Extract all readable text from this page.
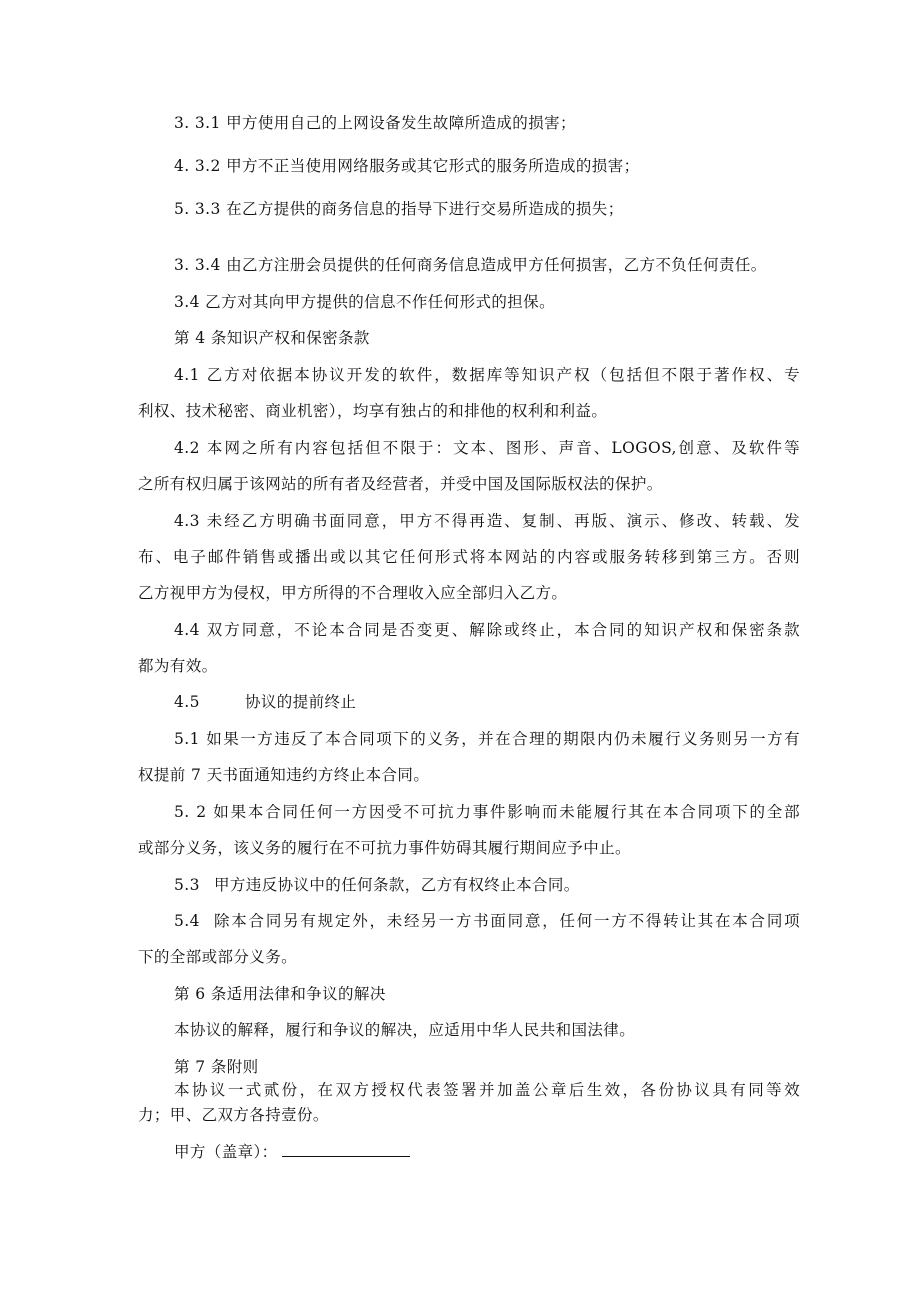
3. 3.1 甲方使用自己的上网设备发生故障所造成的损害；
4. 3.2 甲方不正当使用网络服务或其它形式的服务所造成的损害；
5. 3.3 在乙方提供的商务信息的指导下进行交易所造成的损失；
3. 3.4 由乙方注册会员提供的任何商务信息造成甲方任何损害，乙方不负任何责任。
3.4 乙方对其向甲方提供的信息不作任何形式的担保。
第 4 条知识产权和保密条款
4.1 乙方对依据本协议开发的软件，数据库等知识产权（包括但不限于著作权、专
利权、技术秘密、商业机密），均享有独占的和排他的权利和利益。
4.2 本网之所有内容包括但不限于：文本、图形、声音、LOGOS,创意、及软件等
之所有权归属于该网站的所有者及经营者，并受中国及国际版权法的保护。
4.3 未经乙方明确书面同意，甲方不得再造、复制、再版、演示、修改、转载、发
布、电子邮件销售或播出或以其它任何形式将本网站的内容或服务转移到第三方。否则
乙方视甲方为侵权，甲方所得的不合理收入应全部归入乙方。
4.4 双方同意，不论本合同是否变更、解除或终止，本合同的知识产权和保密条款
都为有效。
4.5	协议的提前终止
5.1 如果一方违反了本合同项下的义务，并在合理的期限内仍未履行义务则另一方有
权提前 7 天书面通知违约方终止本合同。
5. 2 如果本合同任何一方因受不可抗力事件影响而未能履行其在本合同项下的全部
或部分义务，该义务的履行在不可抗力事件妨碍其履行期间应予中止。
5.3 甲方违反协议中的任何条款，乙方有权终止本合同。
5.4 除本合同另有规定外，未经另一方书面同意，任何一方不得转让其在本合同项
下的全部或部分义务。
第 6 条适用法律和争议的解决
本协议的解释，履行和争议的解决，应适用中华人民共和国法律。
第 7 条附则
本协议一式贰份，在双方授权代表签署并加盖公章后生效，各份协议具有同等效
力；甲、乙双方各持壹份。
甲方（盖章）：
